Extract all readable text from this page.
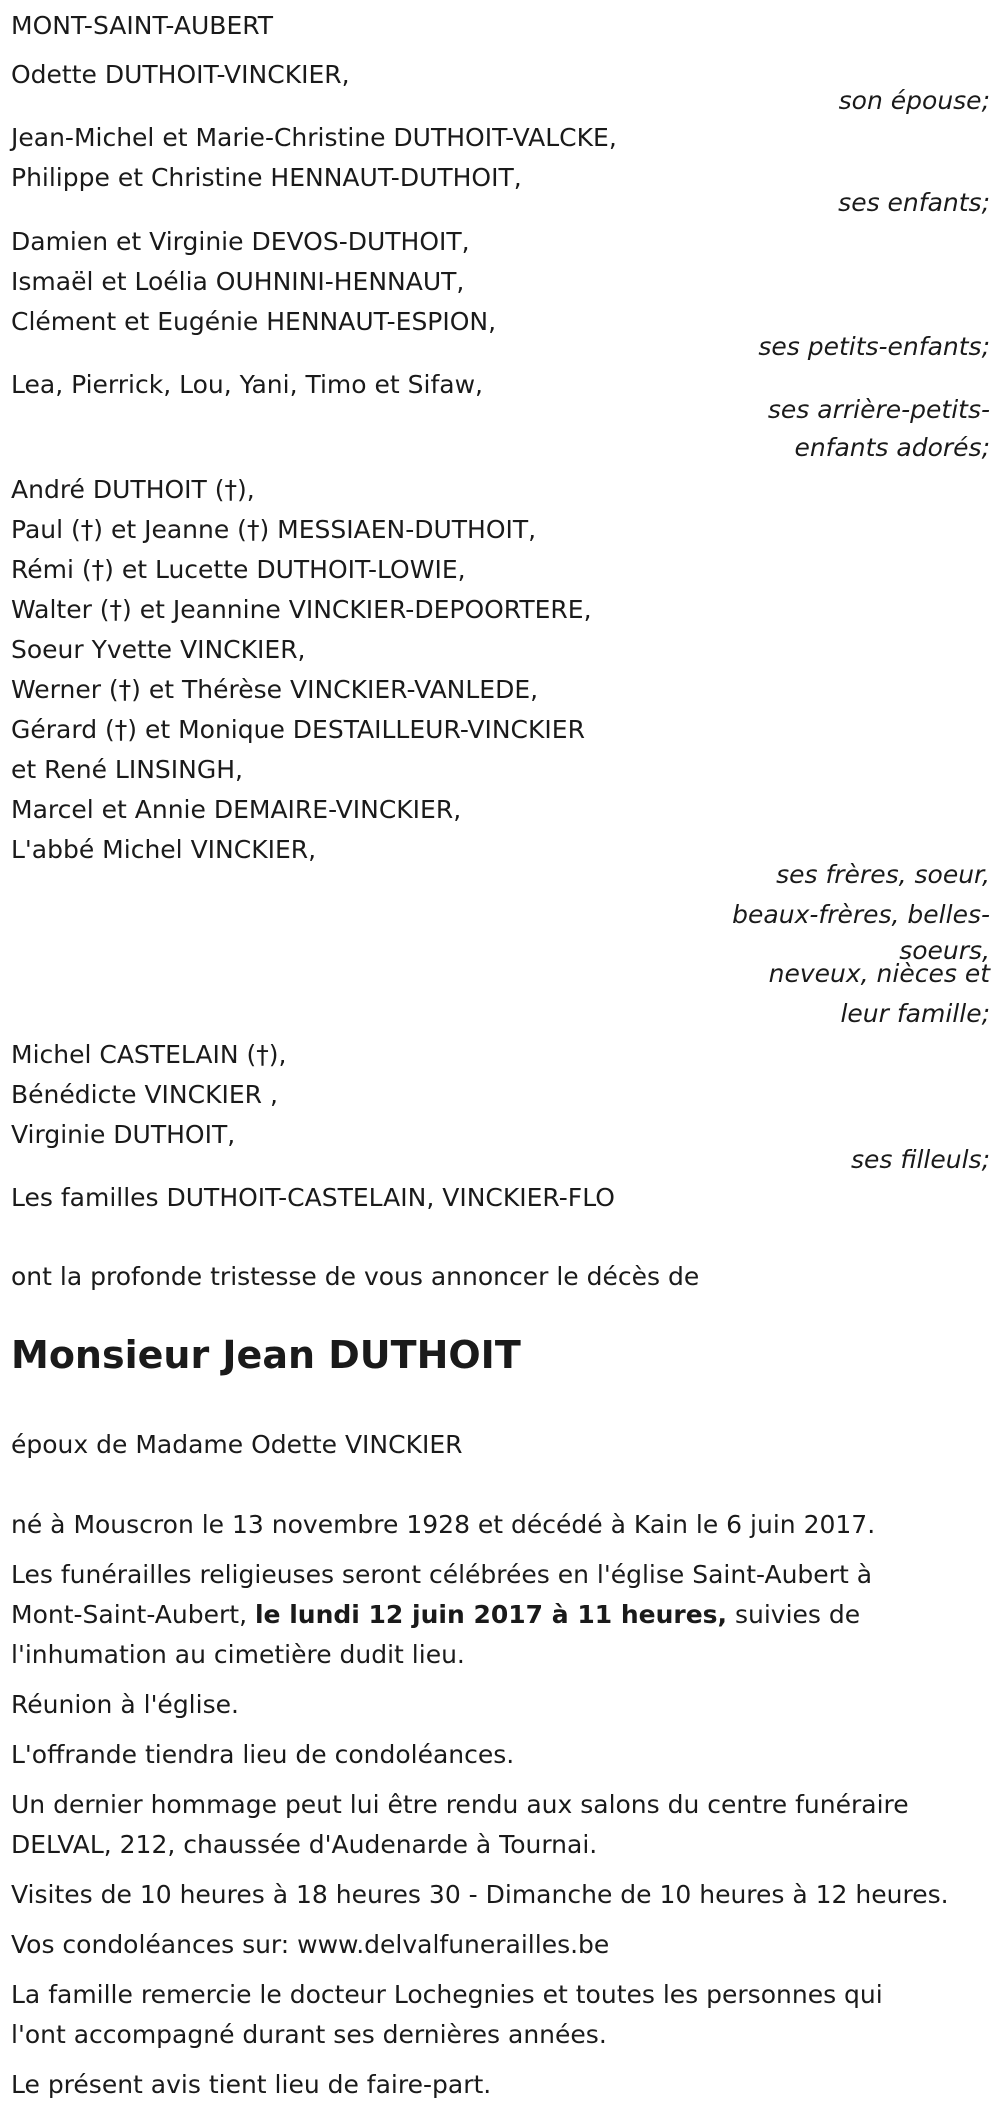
MONT-SAINT-AUBERT
Odette DUTHOIT-VINCKIER,
son épouse;
Jean-Michel et Marie-Christine DUTHOIT-VALCKE,
Philippe et Christine HENNAUT-DUTHOIT,
ses enfants;
Damien et Virginie DEVOS-DUTHOIT,
Ismaël et Loélia OUHNINI-HENNAUT,
Clément et Eugénie HENNAUT-ESPION,
ses petits-enfants;
Lea, Pierrick, Lou, Yani, Timo et Sifaw,
ses arrière-petits-
enfants adorés;
André DUTHOIT (†),
Paul (†) et Jeanne (†) MESSIAEN-DUTHOIT,
Rémi (†) et Lucette DUTHOIT-LOWIE,
Walter (†) et Jeannine VINCKIER-DEPOORTERE,
Soeur Yvette VINCKIER,
Werner (†) et Thérèse VINCKIER-VANLEDE,
Gérard (†) et Monique DESTAILLEUR-VINCKIER
et René LINSINGH,
Marcel et Annie DEMAIRE-VINCKIER,
L'abbé Michel VINCKIER,
ses frères, soeur,
beaux-frères, belles-
soeurs,
neveux, nièces et
leur famille;
Michel CASTELAIN (†),
Bénédicte VINCKIER ,
Virginie DUTHOIT,
ses filleuls;
Les familles DUTHOIT-CASTELAIN, VINCKIER-FLO
ont la profonde tristesse de vous annoncer le décès de
Monsieur Jean DUTHOIT
époux de Madame Odette VINCKIER
né à Mouscron le 13 novembre 1928 et décédé à Kain le 6 juin 2017.
Les funérailles religieuses seront célébrées en l'église Saint-Aubert à
Mont-Saint-Aubert, le lundi 12 juin 2017 à 11 heures, suivies de
l'inhumation au cimetière dudit lieu.
Réunion à l'église.
L'offrande tiendra lieu de condoléances.
Un dernier hommage peut lui être rendu aux salons du centre funéraire
DELVAL, 212, chaussée d'Audenarde à Tournai.
Visites de 10 heures à 18 heures 30 - Dimanche de 10 heures à 12 heures.
Vos condoléances sur: www.delvalfunerailles.be
La famille remercie le docteur Lochegnies et toutes les personnes qui
l'ont accompagné durant ses dernières années.
Le présent avis tient lieu de faire-part.
